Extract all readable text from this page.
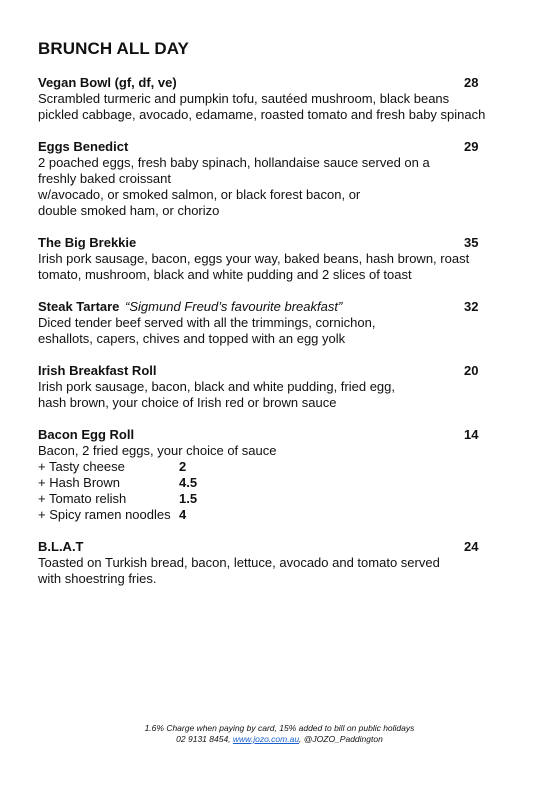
BRUNCH ALL DAY
Vegan Bowl (gf, df, ve)	28
Scrambled turmeric and pumpkin tofu, sautéed mushroom, black beans
pickled cabbage, avocado, edamame, roasted tomato and fresh baby spinach
Eggs Benedict	29
2 poached eggs, fresh baby spinach, hollandaise sauce served on a
freshly baked croissant
w/avocado, or smoked salmon, or black forest bacon, or
double smoked ham, or chorizo
The Big Brekkie	35
Irish pork sausage, bacon, eggs your way, baked beans, hash brown, roast
tomato, mushroom, black and white pudding and 2 slices of toast
Steak Tartare “Sigmund Freud’s favourite breakfast”	32
Diced tender beef served with all the trimmings, cornichon,
eshallots, capers, chives and topped with an egg yolk
Irish Breakfast Roll	20
Irish pork sausage, bacon, black and white pudding, fried egg,
hash brown, your choice of Irish red or brown sauce
Bacon Egg Roll	14
Bacon, 2 fried eggs, your choice of sauce
+ Tasty cheese	2
+ Hash Brown	4.5
+ Tomato relish	1.5
+ Spicy ramen noodles 4
B.L.A.T	24
Toasted on Turkish bread, bacon, lettuce, avocado and tomato served
with shoestring fries.
1.6% Charge when paying by card, 15% added to bill on public holidays
02 9131 8454, www.jozo.com.au, @JOZO_Paddington
